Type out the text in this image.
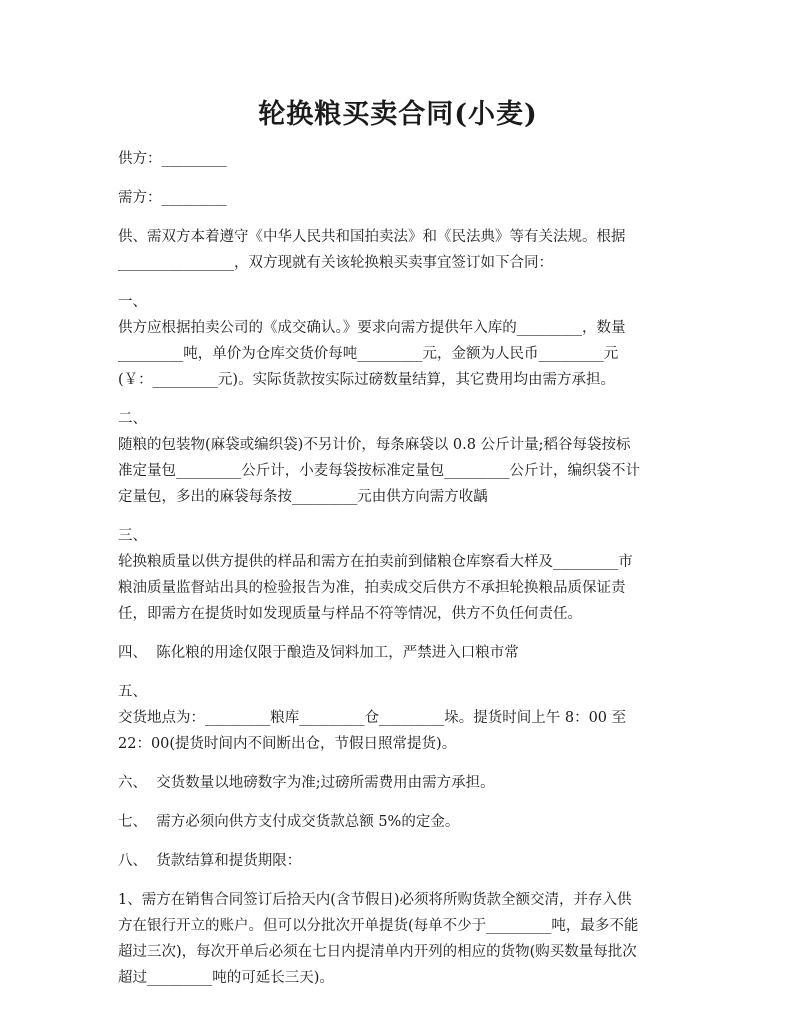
轮换粮买卖合同(小麦)

供方：_________

需方：_________

供、需双方本着遵守《中华人民共和国拍卖法》和《民法典》等有关法规。根据

________________，双方现就有关该轮换粮买卖事宜签订如下合同：

一、

供方应根据拍卖公司的《成交确认。》要求向需方提供年入库的_________，数量

_________吨，单价为仓库交货价每吨_________元，金额为人民币_________元

(￥：_________元)。实际货款按实际过磅数量结算，其它费用均由需方承担。

二、

随粮的包装物(麻袋或编织袋)不另计价，每条麻袋以 0.8 公斤计量;稻谷每袋按标

准定量包_________公斤计，小麦每袋按标准定量包_________公斤计，编织袋不计

定量包，多出的麻袋每条按_________元由供方向需方收龋

三、

轮换粮质量以供方提供的样品和需方在拍卖前到储粮仓库察看大样及_________市

粮油质量监督站出具的检验报告为准，拍卖成交后供方不承担轮换粮品质保证责

任，即需方在提货时如发现质量与样品不符等情况，供方不负任何责任。

四、  陈化粮的用途仅限于酿造及饲料加工，严禁进入口粮市常

五、

交货地点为：_________粮库_________仓_________垛。提货时间上午 8：00 至

22：00(提货时间内不间断出仓，节假日照常提货)。

六、  交货数量以地磅数字为准;过磅所需费用由需方承担。

七、  需方必须向供方支付成交货款总额 5%的定金。

八、  货款结算和提货期限：

1、需方在销售合同签订后拾天内(含节假日)必须将所购货款全额交清，并存入供

方在银行开立的账户。但可以分批次开单提货(每单不少于_________吨，最多不能

超过三次)，每次开单后必须在七日内提清单内开列的相应的货物(购买数量每批次

超过_________吨的可延长三天)。
